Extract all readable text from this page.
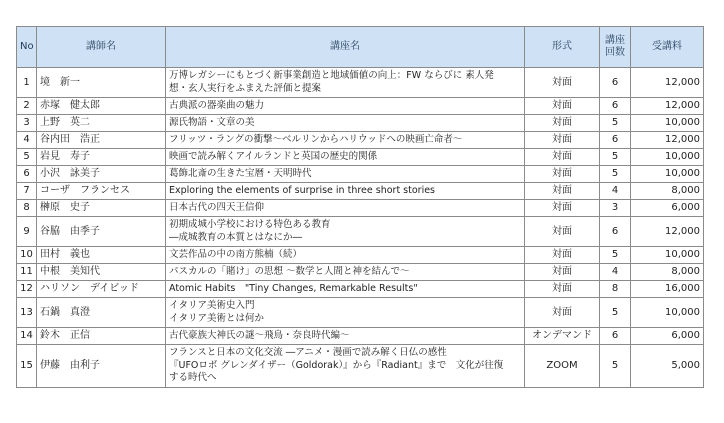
No	講師名	講座名	形式	講座回数	受講料
1	境　新一	万博レガシーにもとづく新事業創造と地域価値の向上：FW ならびに 素人発
想・玄人実行をふまえた評価と提案	対面	6	12,000
2	赤塚　健太郎	古典派の器楽曲の魅力	対面	6	12,000
3	上野　英二	源氏物語・文章の美	対面	5	10,000
4	谷内田　浩正	フリッツ・ラングの衝撃～ベルリンからハリウッドへの映画亡命者～	対面	6	12,000
5	岩見　寿子	映画で読み解くアイルランドと英国の歴史的関係	対面	5	10,000
6	小沢　詠美子	葛飾北斎の生きた宝暦・天明時代	対面	5	10,000
7	コーザ　フランセス	Exploring the elements of surprise in three short stories	対面	4	8,000
8	榊原　史子	日本古代の四天王信仰	対面	3	6,000
9	谷脇　由季子	初期成城小学校における特色ある教育
―成城教育の本質とはなにか―	対面	6	12,000
10	田村　義也	文芸作品の中の南方熊楠（続）	対面	5	10,000
11	中根　美知代	パスカルの「賭け」の思想 ～数学と人間と神を結んで～	対面	4	8,000
12	ハリソン　デイビッド	Atomic Habits　"Tiny Changes, Remarkable Results"	対面	8	16,000
13	石鍋　真澄	イタリア美術史入門
イタリア美術とは何か	対面	5	10,000
14	鈴木　正信	古代豪族大神氏の謎～飛鳥・奈良時代編～	オンデマンド	6	6,000
15	伊藤　由利子	フランスと日本の文化交流 ―アニメ・漫画で読み解く日仏の感性
『UFOロボ グレンダイザー（Goldorak）』から『Radiant』まで　文化が往復
する時代へ	ZOOM	5	5,000
